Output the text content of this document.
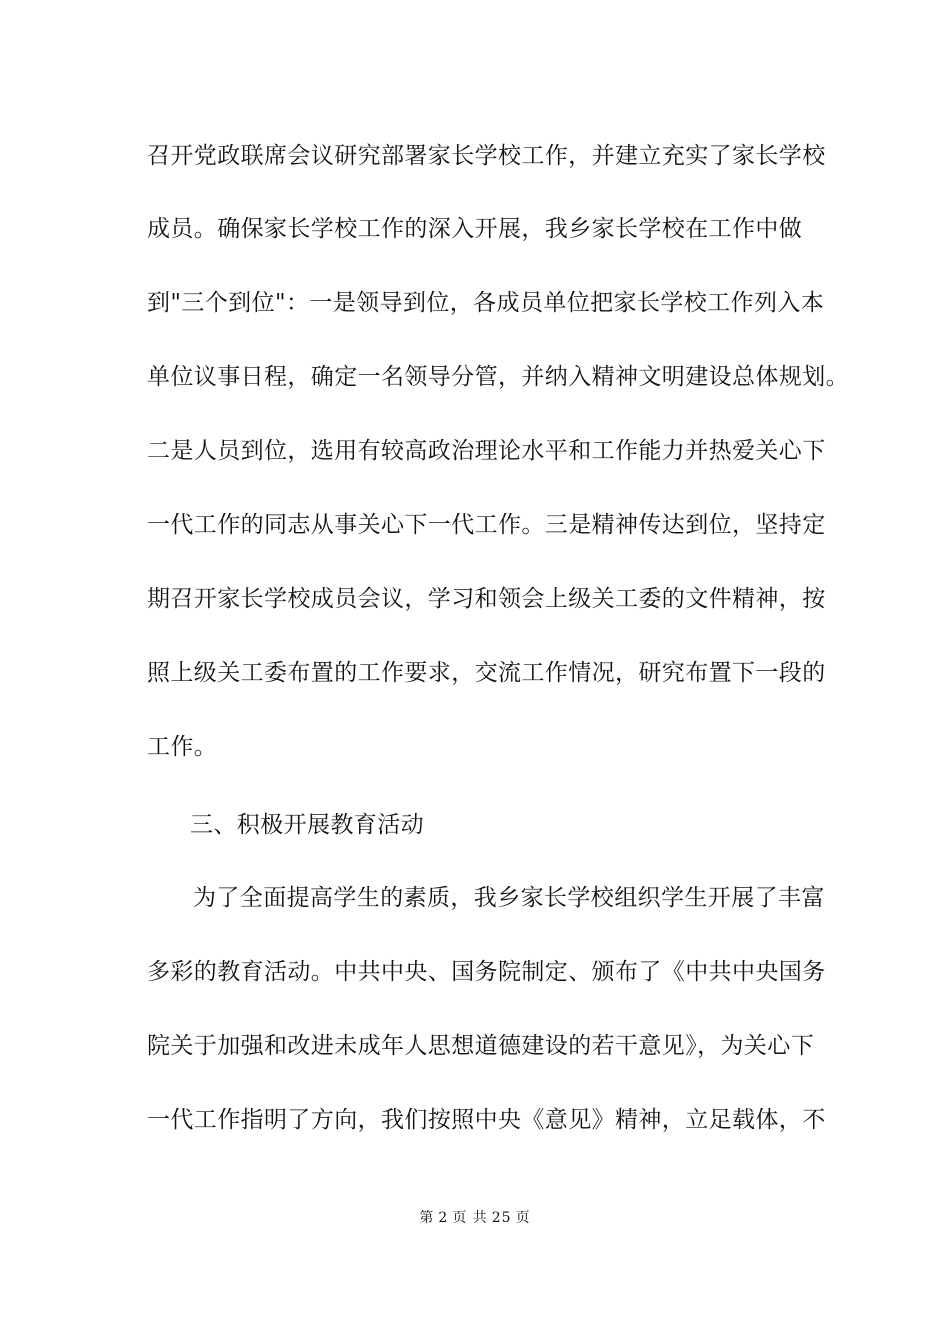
召开党政联席会议研究部署家长学校工作，并建立充实了家长学校
成员。确保家长学校工作的深入开展，我乡家长学校在工作中做
到"三个到位"：一是领导到位，各成员单位把家长学校工作列入本
单位议事日程，确定一名领导分管，并纳入精神文明建设总体规划。
二是人员到位，选用有较高政治理论水平和工作能力并热爱关心下
一代工作的同志从事关心下一代工作。三是精神传达到位，坚持定
期召开家长学校成员会议，学习和领会上级关工委的文件精神，按
照上级关工委布置的工作要求，交流工作情况，研究布置下一段的
工作。
三、积极开展教育活动
为了全面提高学生的素质，我乡家长学校组织学生开展了丰富
多彩的教育活动。中共中央、国务院制定、颁布了《中共中央国务
院关于加强和改进未成年人思想道德建设的若干意见》，为关心下
一代工作指明了方向，我们按照中央《意见》精神，立足载体，不
第 2 页 共 25 页
